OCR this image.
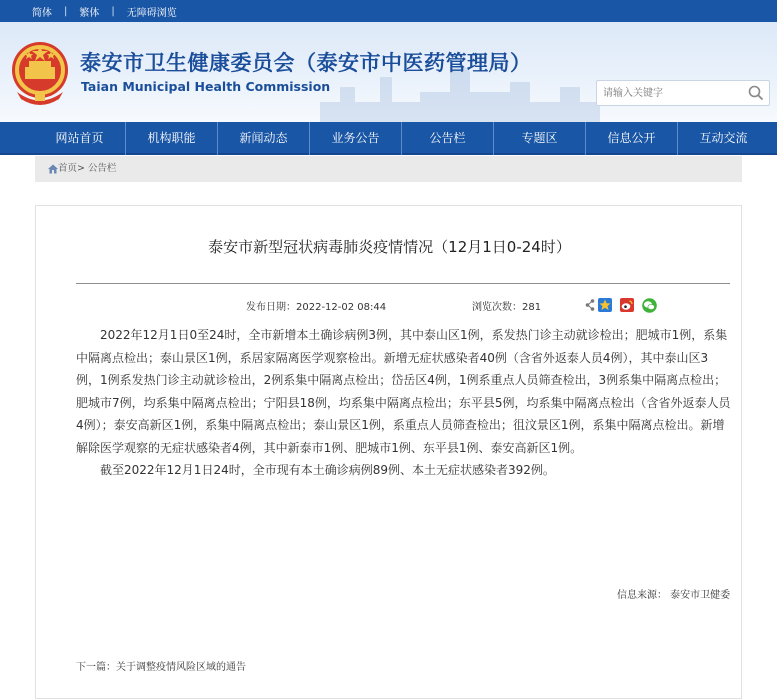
简体 | 繁体 | 无障碍浏览
泰安市卫生健康委员会（泰安市中医药管理局）
Taian Municipal Health Commission
请输入关键字
网站首页	机构职能	新闻动态	业务公告	公告栏	专题区	信息公开	互动交流
首页> 公告栏
泰安市新型冠状病毒肺炎疫情情况（12月1日0-24时）
发布日期：2022-12-02 08:44	浏览次数：281

2022年12月1日0至24时，全市新增本土确诊病例3例，其中泰山区1例，系发热门诊主动就诊检出；肥城市1例，系集中隔离点检出；泰山景区1例，系居家隔离医学观察检出。新增无症状感染者40例（含省外返泰人员4例），其中泰山区3例，1例系发热门诊主动就诊检出，2例系集中隔离点检出；岱岳区4例，1例系重点人员筛查检出，3例系集中隔离点检出；肥城市7例，均系集中隔离点检出；宁阳县18例，均系集中隔离点检出；东平县5例，均系集中隔离点检出（含省外返泰人员4例）；泰安高新区1例，系集中隔离点检出；泰山景区1例，系重点人员筛查检出；徂汶景区1例，系集中隔离点检出。新增解除医学观察的无症状感染者4例，其中新泰市1例、肥城市1例、东平县1例、泰安高新区1例。

截至2022年12月1日24时，全市现有本土确诊病例89例、本土无症状感染者392例。

信息来源： 泰安市卫健委
下一篇：关于调整疫情风险区域的通告
